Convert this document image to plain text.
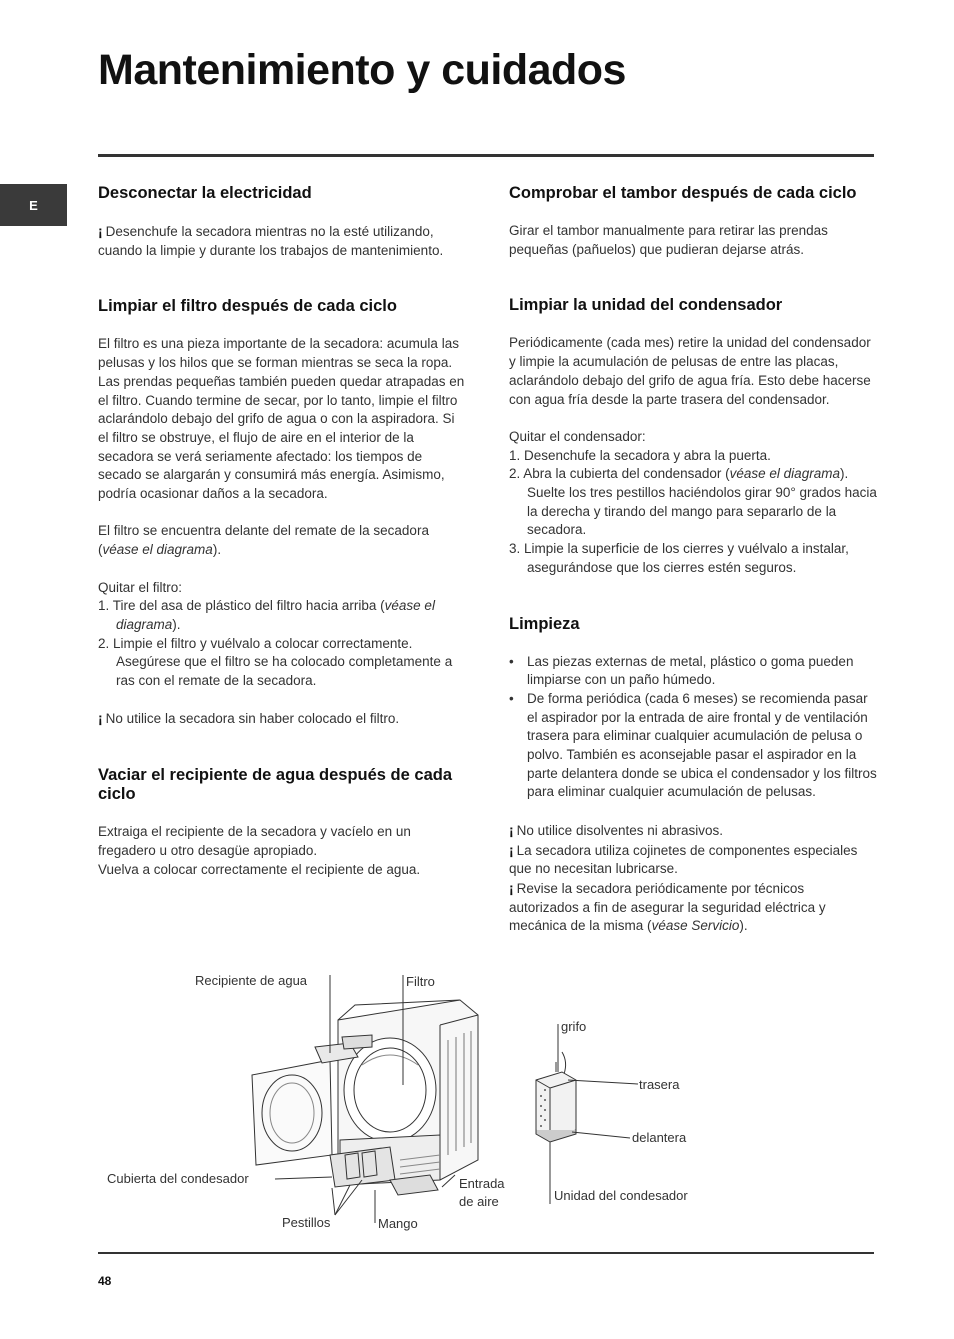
Mantenimiento y cuidados
E
Desconectar la electricidad

¡ Desenchufe la secadora mientras no la esté utilizando, cuando la limpie y durante los trabajos de mantenimiento.

Limpiar el filtro después de cada ciclo

El filtro es una pieza importante de la secadora: acumula las pelusas y los hilos que se forman mientras se seca la ropa. Las prendas pequeñas también pueden quedar atrapadas en el filtro. Cuando termine de secar, por lo tanto, limpie el filtro aclarándolo debajo del grifo de agua o con la aspiradora. Si el filtro se obstruye, el flujo de aire en el interior de la secadora se verá seriamente afectado: los tiempos de secado se alargarán y consumirá más energía. Asimismo, podría ocasionar daños a la secadora.

El filtro se encuentra delante del remate de la secadora (véase el diagrama).

Quitar el filtro:

1. Tire del asa de plástico del filtro hacia arriba (véase el diagrama).
2. Limpie el filtro y vuélvalo a colocar correctamente. Asegúrese que el filtro se ha colocado completamente a ras con el remate de la secadora.

¡ No utilice la secadora sin haber colocado el filtro.

Vaciar el recipiente de agua después de cada ciclo

Extraiga el recipiente de la secadora y vacíelo en un fregadero u otro desagüe apropiado.

Vuelva a colocar correctamente el recipiente de agua.

Comprobar el tambor después de cada ciclo

Girar el tambor manualmente para retirar las prendas pequeñas (pañuelos) que pudieran dejarse atrás.

Limpiar la unidad del condensador

Periódicamente (cada mes) retire la unidad del condensador y limpie la acumulación de pelusas de entre las placas, aclarándolo debajo del grifo de agua fría. Esto debe hacerse con agua fría desde la parte trasera del condensador.

Quitar el condensador:

1. Desenchufe la secadora y abra la puerta.
2. Abra la cubierta del condensador (véase el diagrama). Suelte los tres pestillos haciéndolos girar 90° grados hacia la derecha y tirando del mango para separarlo de la secadora.
3. Limpie la superficie de los cierres y vuélvalo a instalar, asegurándose que los cierres estén seguros.
Limpieza
• Las piezas externas de metal, plástico o goma pueden limpiarse con un paño húmedo.
• De forma periódica (cada 6 meses) se recomienda pasar el aspirador por la entrada de aire frontal y de ventilación trasera para eliminar cualquier acumulación de pelusa o polvo. También es aconsejable pasar el aspirador en la parte delantera donde se ubica el condensador y los filtros para eliminar cualquier acumulación de pelusas.

¡ No utilice disolventes ni abrasivos.

¡ La secadora utiliza cojinetes de componentes especiales que no necesitan lubricarse.

¡ Revise la secadora periódicamente por técnicos autorizados a fin de asegurar la seguridad eléctrica y mecánica de la misma (véase Servicio).

Recipiente de agua	Filtro
Cubierta del condesador	Entrada
de aire
Pestillos	Mango
grifo
trasera
delantera
Unidad del condesador
48
